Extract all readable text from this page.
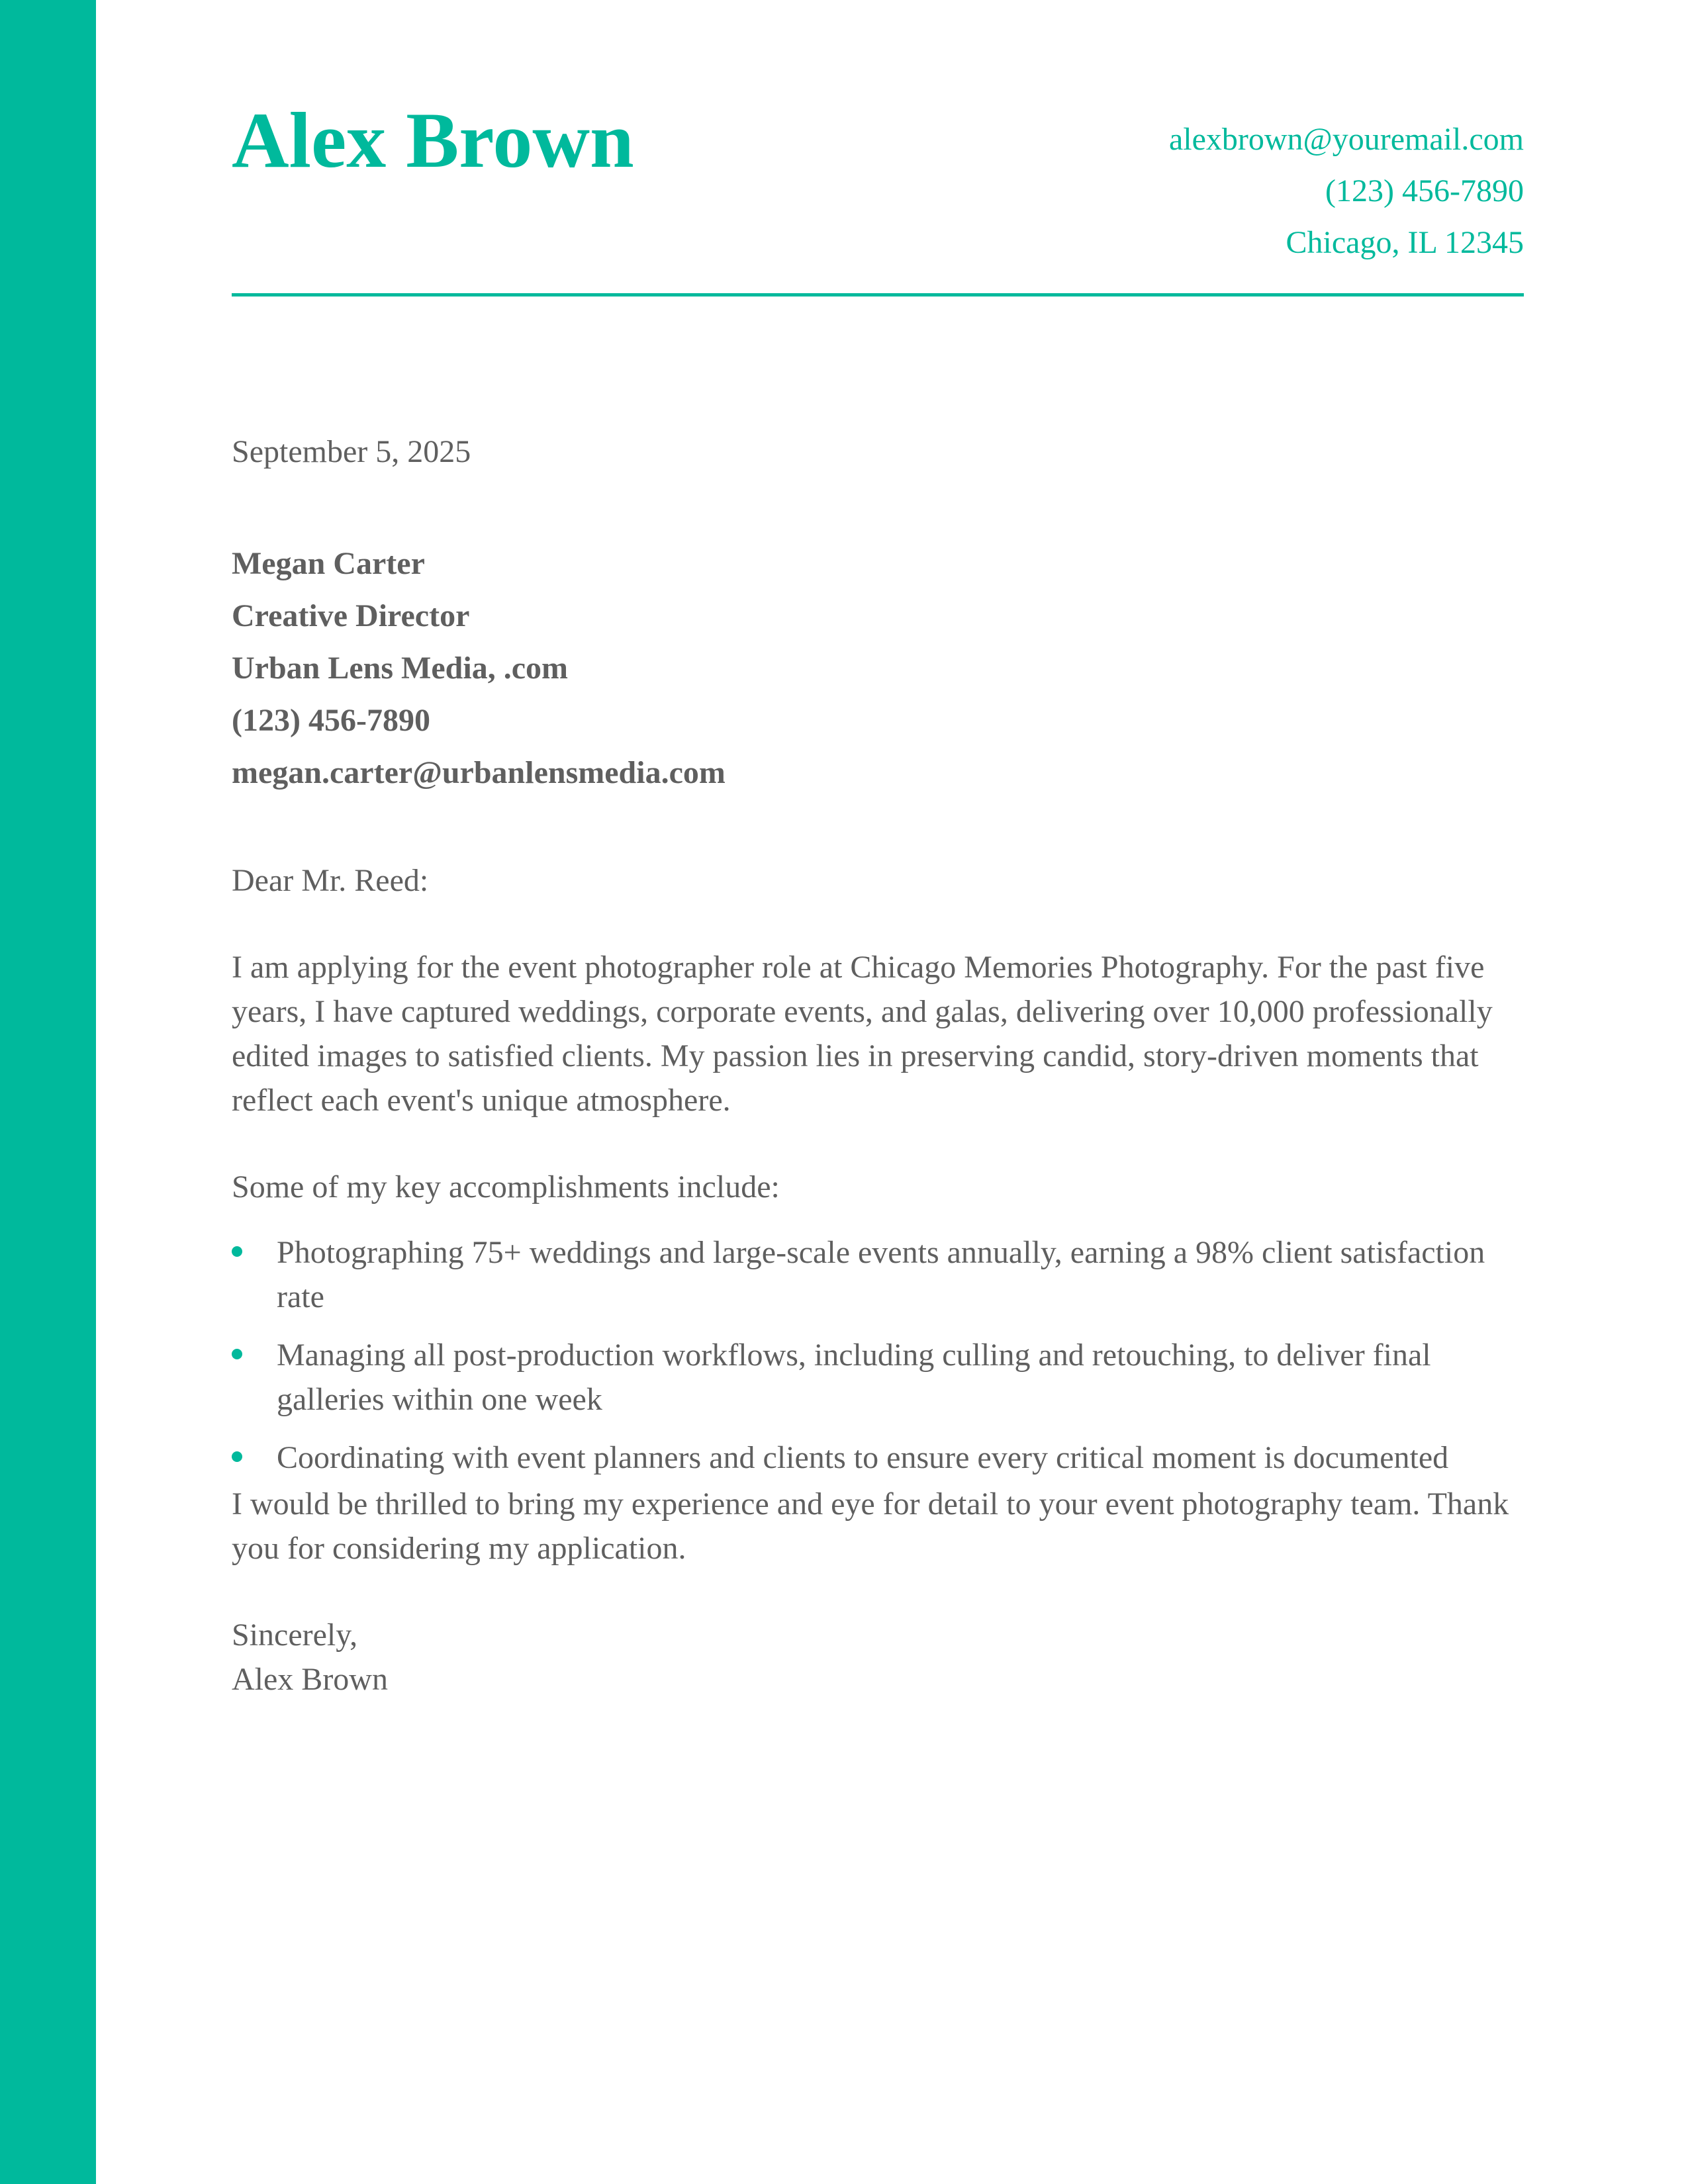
Alex Brown	alexbrown@youremail.com
(123) 456-7890
Chicago, IL 12345

September 5, 2025

Megan Carter
Creative Director
Urban Lens Media, .com
(123) 456-7890
megan.carter@urbanlensmedia.com

Dear Mr. Reed:

I am applying for the event photographer role at Chicago Memories Photography. For the past five years, I have captured weddings, corporate events, and galas, delivering over 10,000 professionally edited images to satisfied clients. My passion lies in preserving candid, story-driven moments that reflect each event's unique atmosphere.

Some of my key accomplishments include:

Photographing 75+ weddings and large-scale events annually, earning a 98% client satisfaction rate
Managing all post-production workflows, including culling and retouching, to deliver final galleries within one week
Coordinating with event planners and clients to ensure every critical moment is documented

I would be thrilled to bring my experience and eye for detail to your event photography team. Thank you for considering my application.

Sincerely,
Alex Brown
